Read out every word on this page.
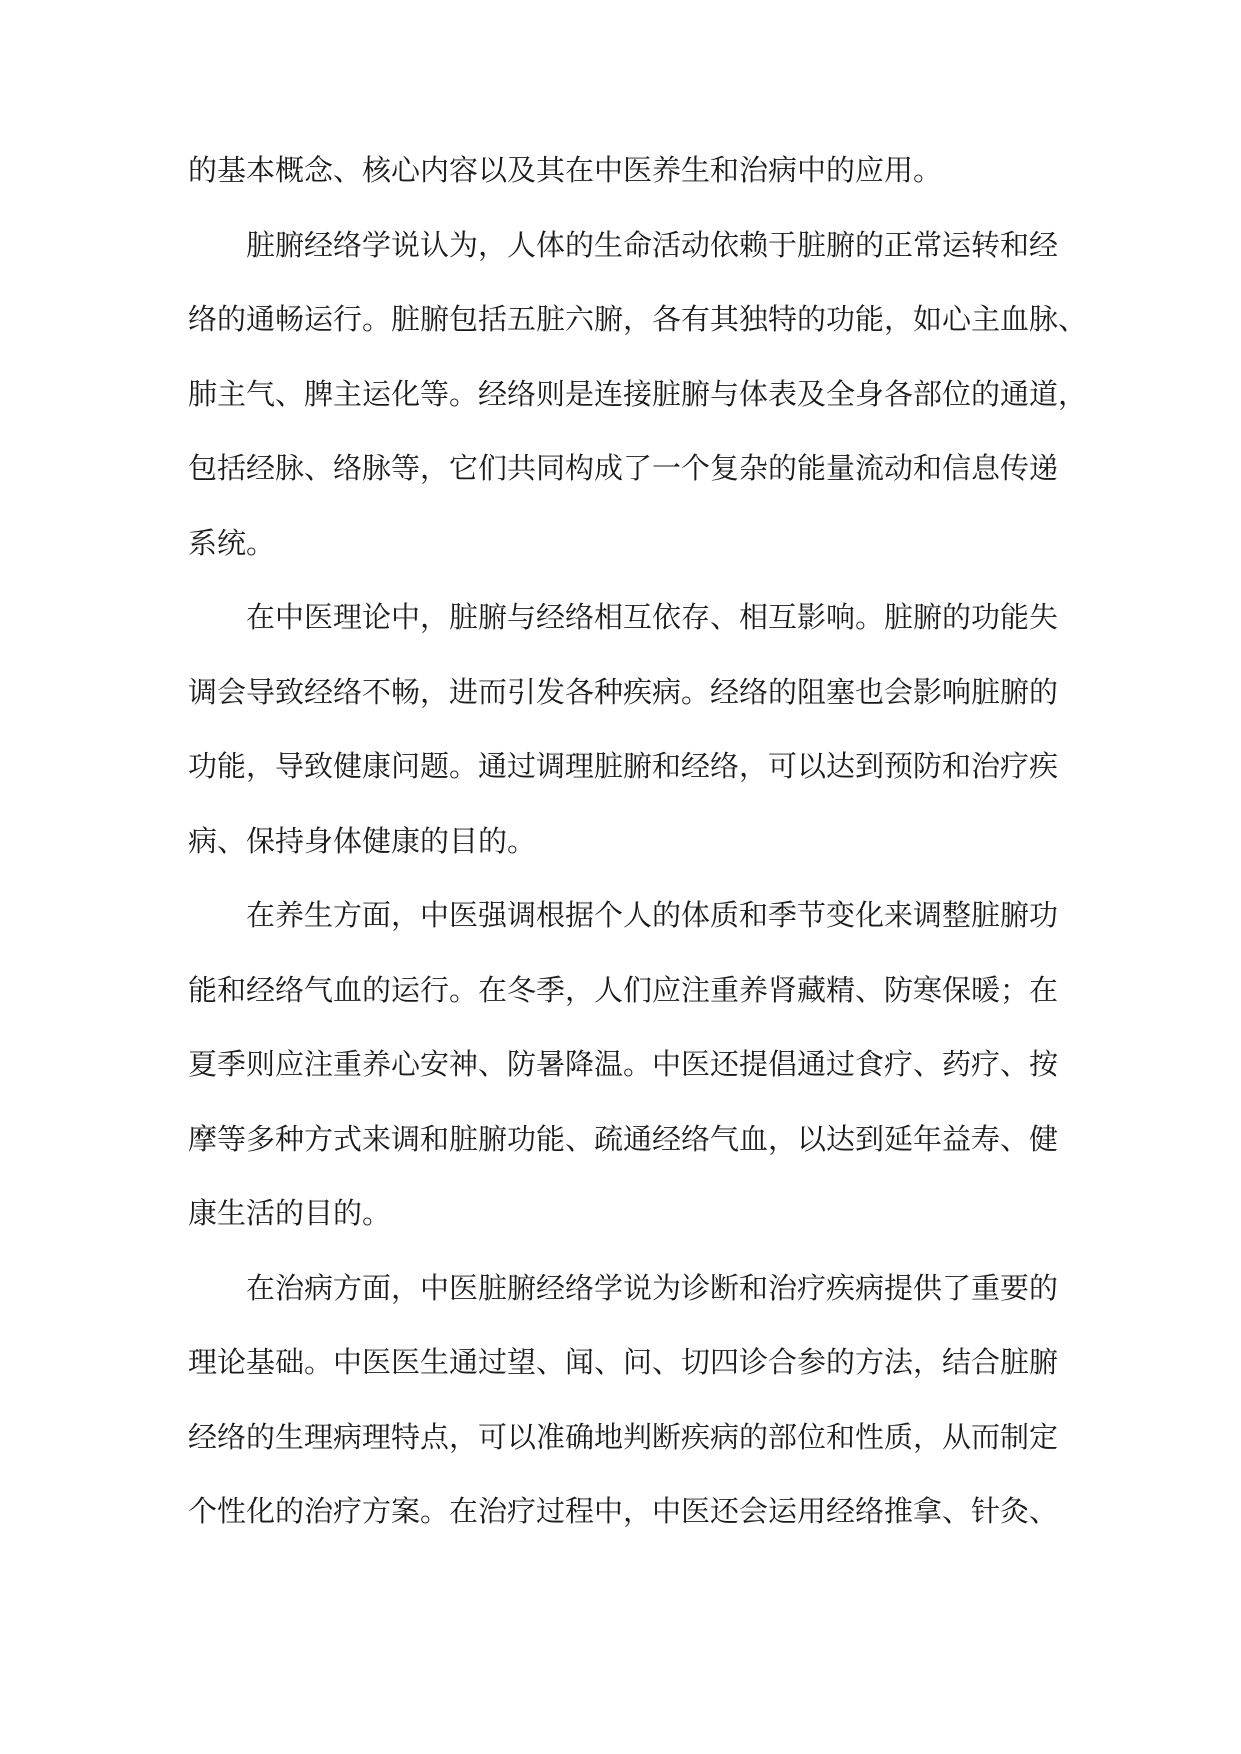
的基本概念、核心内容以及其在中医养生和治病中的应用。
脏腑经络学说认为，人体的生命活动依赖于脏腑的正常运转和经
络的通畅运行。脏腑包括五脏六腑，各有其独特的功能，如心主血脉、
肺主气、脾主运化等。经络则是连接脏腑与体表及全身各部位的通道，
包括经脉、络脉等，它们共同构成了一个复杂的能量流动和信息传递
系统。
在中医理论中，脏腑与经络相互依存、相互影响。脏腑的功能失
调会导致经络不畅，进而引发各种疾病。经络的阻塞也会影响脏腑的
功能，导致健康问题。通过调理脏腑和经络，可以达到预防和治疗疾
病、保持身体健康的目的。
在养生方面，中医强调根据个人的体质和季节变化来调整脏腑功
能和经络气血的运行。在冬季，人们应注重养肾藏精、防寒保暖；在
夏季则应注重养心安神、防暑降温。中医还提倡通过食疗、药疗、按
摩等多种方式来调和脏腑功能、疏通经络气血，以达到延年益寿、健
康生活的目的。
在治病方面，中医脏腑经络学说为诊断和治疗疾病提供了重要的
理论基础。中医医生通过望、闻、问、切四诊合参的方法，结合脏腑
经络的生理病理特点，可以准确地判断疾病的部位和性质，从而制定
个性化的治疗方案。在治疗过程中，中医还会运用经络推拿、针灸、
